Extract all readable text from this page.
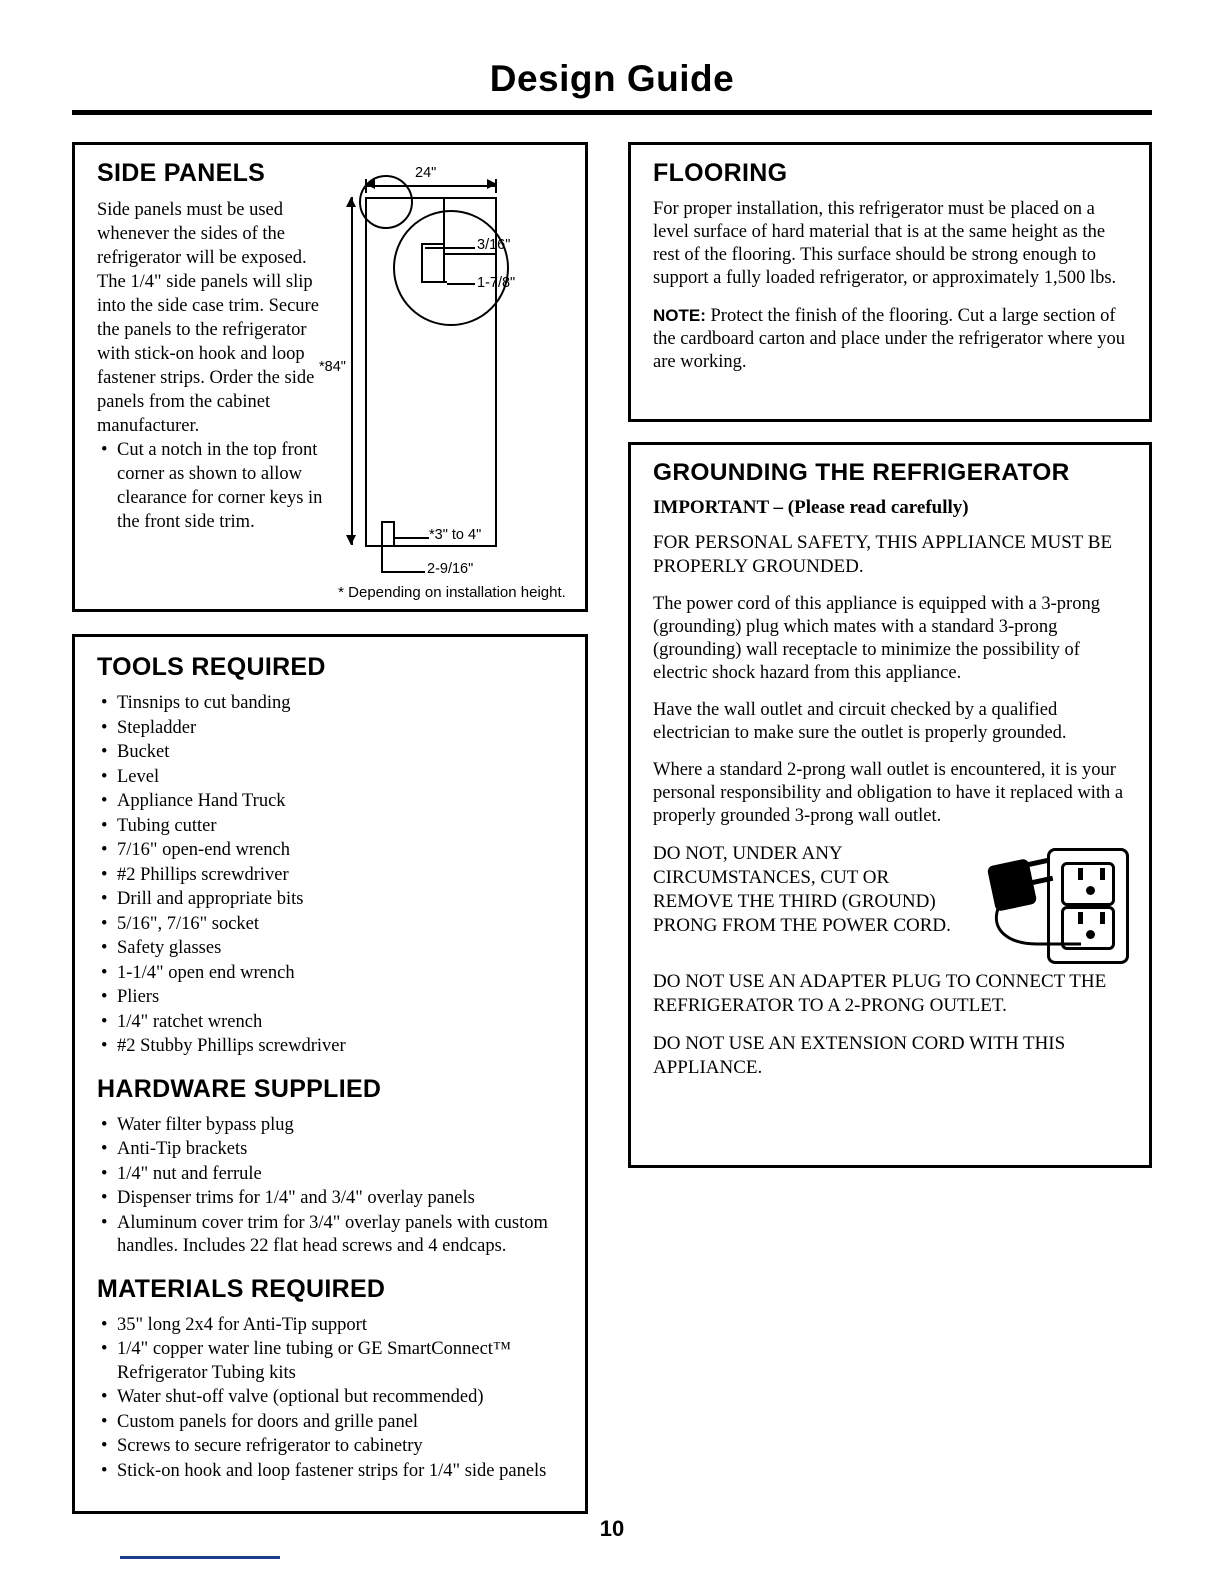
Design Guide
SIDE PANELS
Side panels must be used whenever the sides of the refrigerator will be exposed. The 1/4" side panels will slip into the side case trim. Secure the panels to the refrigerator with stick-on hook and loop fastener strips. Order the side panels from the cabinet manufacturer.
• Cut a notch in the top front corner as shown to allow clearance for corner keys in the front side trim.
24"
3/16"
1-7/8"
*84"
*3" to 4"
2-9/16"
* Depending on installation height.
TOOLS REQUIRED
• Tinsnips to cut banding
• Stepladder
• Bucket
• Level
• Appliance Hand Truck
• Tubing cutter
• 7/16" open-end wrench
• #2 Phillips screwdriver
• Drill and appropriate bits
• 5/16", 7/16" socket
• Safety glasses
• 1-1/4" open end wrench
• Pliers
• 1/4" ratchet wrench
• #2 Stubby Phillips screwdriver
HARDWARE SUPPLIED
• Water filter bypass plug
• Anti-Tip brackets
• 1/4" nut and ferrule
• Dispenser trims for 1/4" and 3/4" overlay panels
• Aluminum cover trim for 3/4" overlay panels with custom handles. Includes 22 flat head screws and 4 endcaps.
MATERIALS REQUIRED
• 35" long 2x4 for Anti-Tip support
• 1/4" copper water line tubing or GE SmartConnect™ Refrigerator Tubing kits
• Water shut-off valve (optional but recommended)
• Custom panels for doors and grille panel
• Screws to secure refrigerator to cabinetry
• Stick-on hook and loop fastener strips for 1/4" side panels
FLOORING

For proper installation, this refrigerator must be placed on a level surface of hard material that is at the same height as the rest of the flooring. This surface should be strong enough to support a fully loaded refrigerator, or approximately 1,500 lbs.

NOTE: Protect the finish of the flooring. Cut a large section of the cardboard carton and place under the refrigerator where you are working.

GROUNDING THE REFRIGERATOR

IMPORTANT – (Please read carefully)

FOR PERSONAL SAFETY, THIS APPLIANCE MUST BE PROPERLY GROUNDED.

The power cord of this appliance is equipped with a 3-prong (grounding) plug which mates with a standard 3-prong (grounding) wall receptacle to minimize the possibility of electric shock hazard from this appliance.

Have the wall outlet and circuit checked by a qualified electrician to make sure the outlet is properly grounded.

Where a standard 2-prong wall outlet is encountered, it is your personal responsibility and obligation to have it replaced with a properly grounded 3-prong wall outlet.

DO NOT, UNDER ANY CIRCUMSTANCES, CUT OR REMOVE THE THIRD (GROUND) PRONG FROM THE POWER CORD.

DO NOT USE AN ADAPTER PLUG TO CONNECT THE REFRIGERATOR TO A 2-PRONG OUTLET.

DO NOT USE AN EXTENSION CORD WITH THIS APPLIANCE.

10
